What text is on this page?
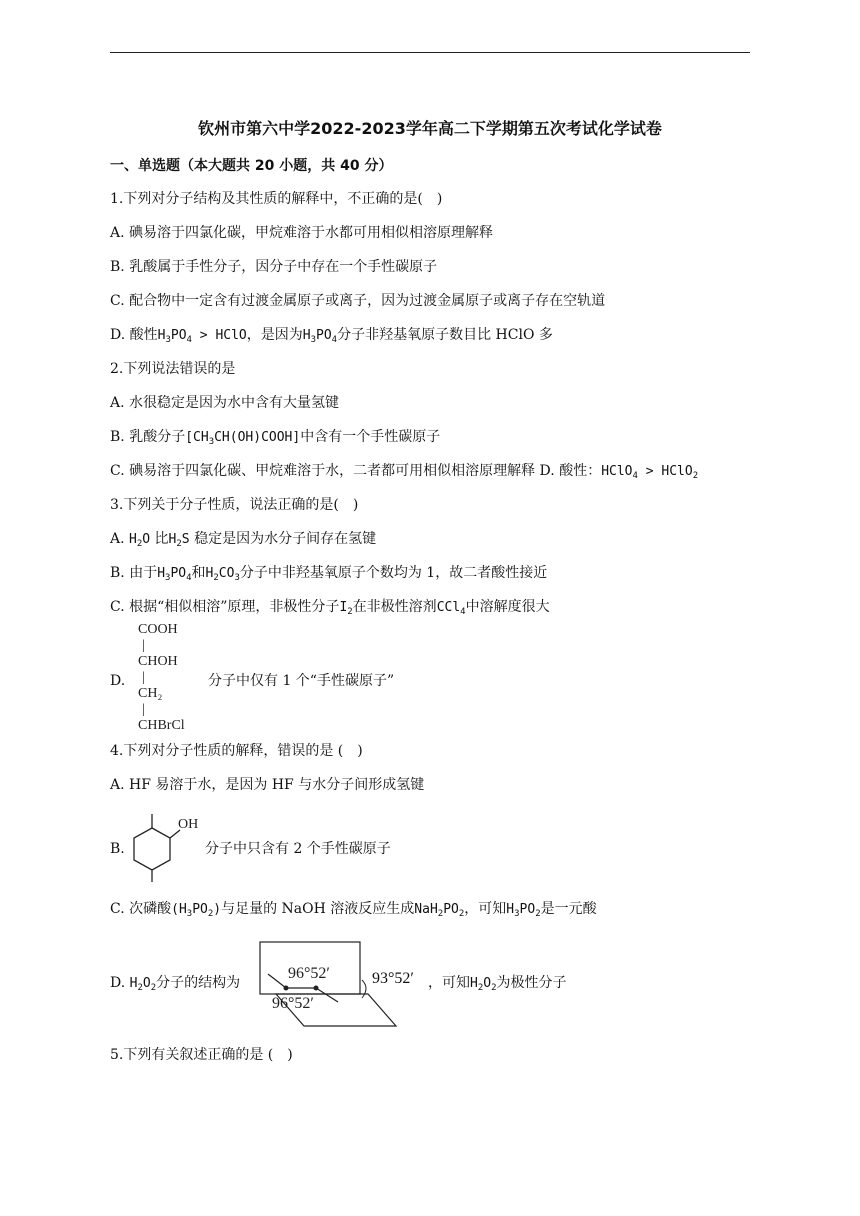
钦州市第六中学2022-2023学年高二下学期第五次考试化学试卷
一、单选题（本大题共 20 小题，共 40 分）
1.下列对分子结构及其性质的解释中，不正确的是(　)
A. 碘易溶于四氯化碳，甲烷难溶于水都可用相似相溶原理解释
B. 乳酸属于手性分子，因分子中存在一个手性碳原子
C. 配合物中一定含有过渡金属原子或离子，因为过渡金属原子或离子存在空轨道
D. 酸性$H_3PO_4$ > HClO，是因为$H_3PO_4$分子非羟基氧原子数目比 HClO 多
2.下列说法错误的是
A. 水很稳定是因为水中含有大量氢键
B. 乳酸分子$[CH_3CH(OH)COOH]$中含有一个手性碳原子
C. 碘易溶于四氯化碳、甲烷难溶于水，二者都可用相似相溶原理解释 D. 酸性：HClO$_4$ > HClO$_2$
3.下列关于分子性质，说法正确的是(　)
A. $H_2O$ 比$H_2S$ 稳定是因为水分子间存在氢键
B. 由于$H_3PO_4$和$H_2CO_3$分子中非羟基氧原子个数均为 1，故二者酸性接近
C. 根据“相似相溶”原理，非极性分子$I_2$在非极性溶剂CCl$_4$中溶解度很大
D.
COOH
|
CHOH
|
CH₂
|
CHBrCl
分子中仅有 1 个“手性碳原子”
4.下列对分子性质的解释，错误的是 (　)
A. HF 易溶于水，是因为 HF 与水分子间形成氢键
B.
OH
分子中只含有 2 个手性碳原子
C. 次磷酸$(H_3PO_2)$与足量的 NaOH 溶液反应生成$NaH_2PO_2$，可知$H_3PO_2$是一元酸
D. $H_2O_2$分子的结构为
96°52′
96°52′
93°52′ ，可知$H_2O_2$为极性分子
5.下列有关叙述正确的是 (　)
